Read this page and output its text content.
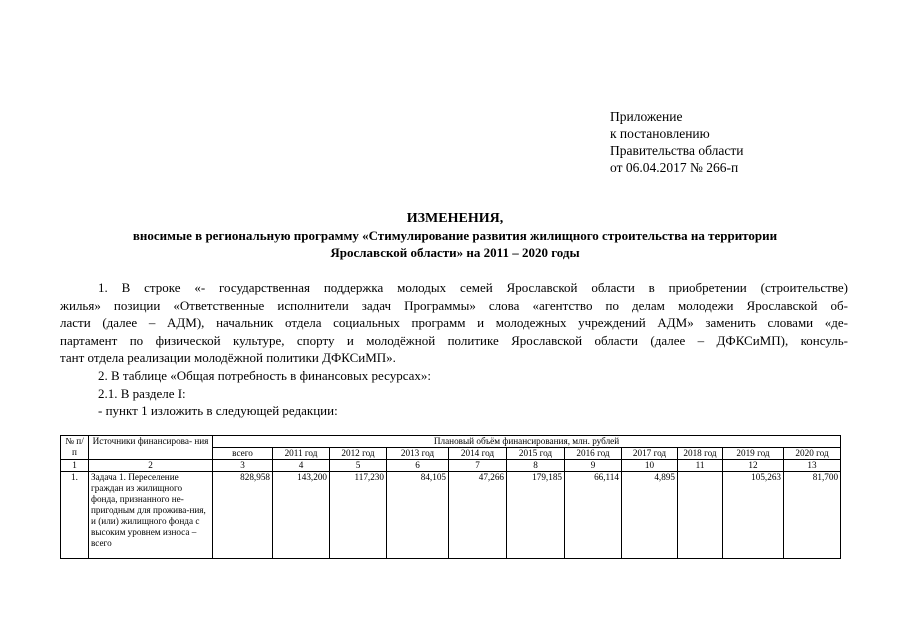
Приложение
к постановлению
Правительства области
от 06.04.2017 № 266-п
ИЗМЕНЕНИЯ,
вносимые в региональную программу «Стимулирование развития жилищного строительства на территории
Ярославской области» на 2011 – 2020 годы

1. В строке «- государственная поддержка молодых семей Ярославской области в приобретении (строительстве)

жилья» позиции «Ответственные исполнители задач Программы» слова «агентство по делам молодежи Ярославской об-

ласти (далее – АДМ), начальник отдела социальных программ и молодежных учреждений АДМ» заменить словами «де-

партамент по физической культуре, спорту и молодёжной политике Ярославской области (далее – ДФКСиМП), консуль-

тант отдела реализации молодёжной политики ДФКСиМП».

2. В таблице «Общая потребность в финансовых ресурсах»:

2.1. В разделе I:

- пункт 1 изложить в следующей редакции:

№ п/п	Источники финансирова- ния	Плановый объём финансирования, млн. рублей										
		всего	2011 год	2012 год	2013 год	2014 год	2015 год	2016 год	2017 год	2018 год	2019 год	2020 год
1	2	3	4	5	6	7	8	9	10	11	12	13
1.	Задача 1. Переселение граждан из жилищного фонда, признанного не-пригодным для прожива-ния, и (или) жилищного фонда с высоким уровнем износа – всего	828,958	143,200	117,230	84,105	47,266	179,185	66,114	4,895		105,263	81,700
